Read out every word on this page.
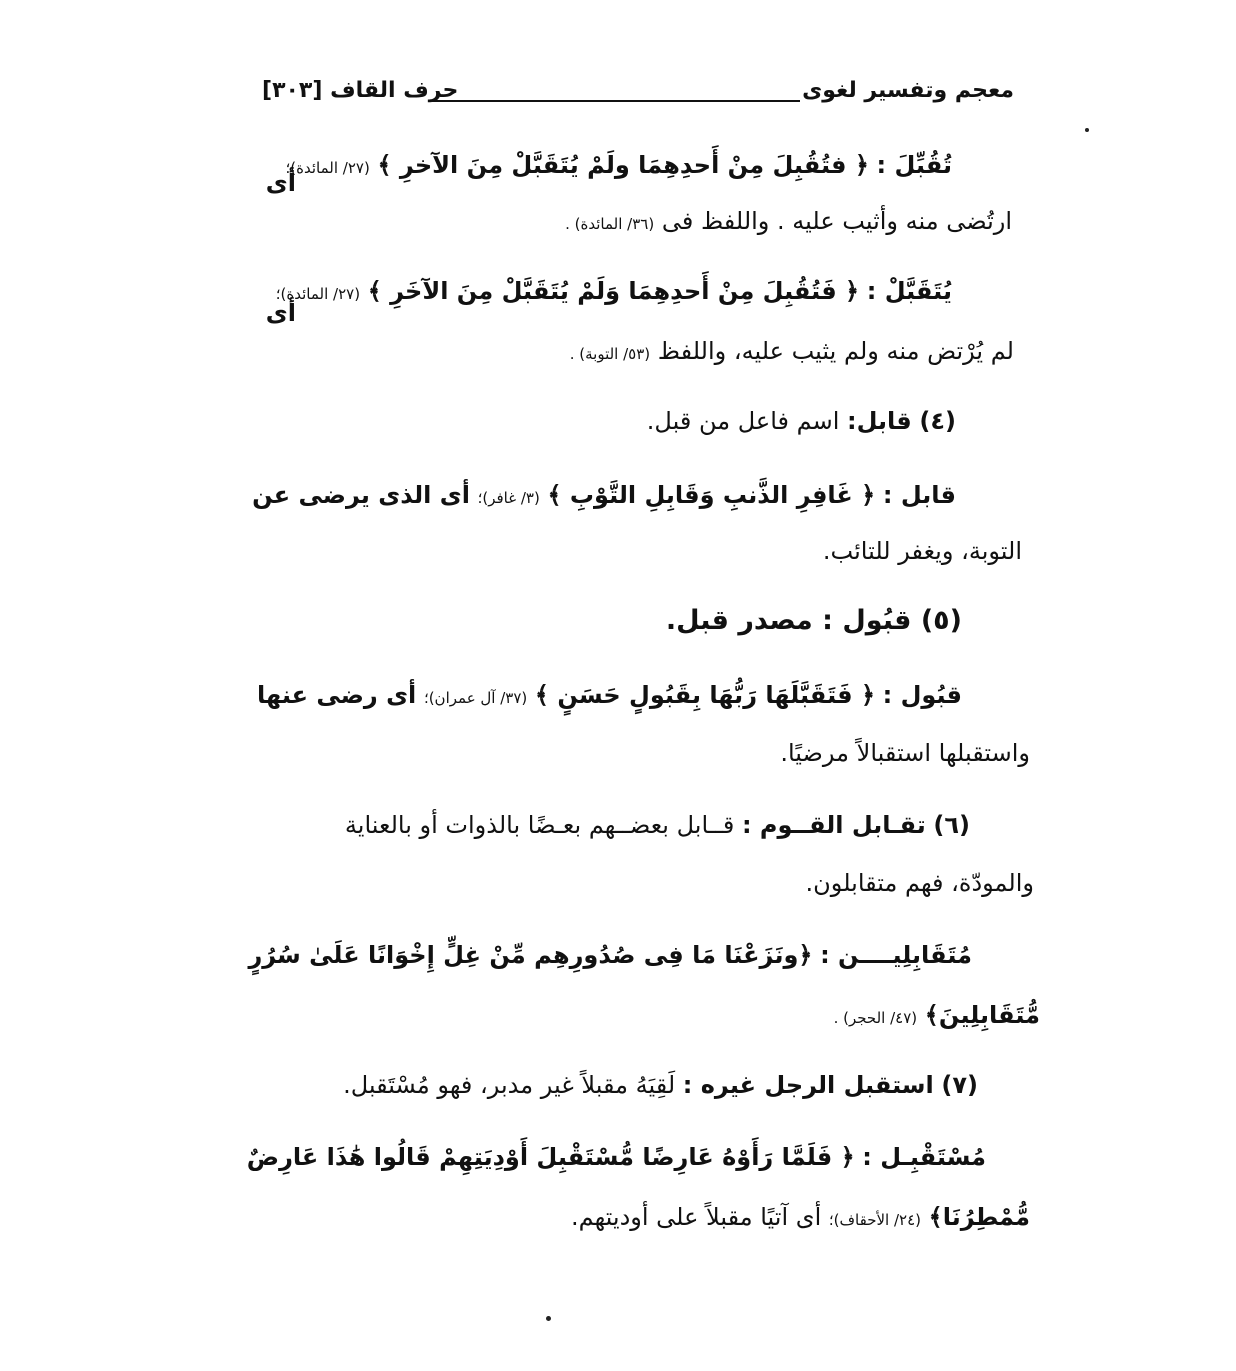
معجم وتفسير لغوى
حرف القاف [٣٠٣]
تُقُبِّلَ : ﴿ فتُقُبِلَ مِنْ أَحدِهِمَا ولَمْ يُتَقَبَّلْ مِنَ الآخرِ ﴾ (٢٧/ المائدة)؛
أى
ارتُضى منه وأثيب عليه . واللفظ فى (٣٦/ المائدة) .
يُتَقَبَّلْ : ﴿ فَتُقُبِلَ مِنْ أَحدِهِمَا وَلَمْ يُتَقَبَّلْ مِنَ الآخَرِ ﴾ (٢٧/ المائدة)؛
أى
لم يُرْتض منه ولم يثيب عليه، واللفظ (٥٣/ التوبة) .
(٤) قابل: اسم فاعل من قبل.
قابل : ﴿ غَافِرِ الذَّنبِ وَقَابِلِ التَّوْبِ ﴾ (٣/ غافر)؛ أى الذى يرضى عن
التوبة، ويغفر للتائب.
(٥) قبُول : مصدر قبل.
قبُول : ﴿ فَتَقَبَّلَهَا رَبُّهَا بِقَبُولٍ حَسَنٍ ﴾ (٣٧/ آل عمران)؛ أى رضى عنها
واستقبلها استقبالاً مرضيًا.
(٦) تقـابل القــوم : قــابل بعضــهم بعـضًا بالذوات أو بالعناية
والمودّة، فهم متقابلون.
مُتَقَابِلِيــــن : ﴿ونَزَعْنَا مَا فِى صُدُورِهِم مِّنْ غِلٍّ إِخْوَانًا عَلَىٰ سُرُرٍ
مُّتَقَابِلِينَ﴾ (٤٧/ الحجر) .
(٧) استقبل الرجل غيره : لَقِيَهُ مقبلاً غير مدبر، فهو مُسْتَقبل.
مُسْتَقْبِـل : ﴿ فَلَمَّا رَأَوْهُ عَارِضًا مُّسْتَقْبِلَ أَوْدِيَتِهِمْ قَالُوا هَٰذَا عَارِضٌ
مُّمْطِرُنَا﴾ (٢٤/ الأحقاف)؛ أى آتيًا مقبلاً على أوديتهم.
